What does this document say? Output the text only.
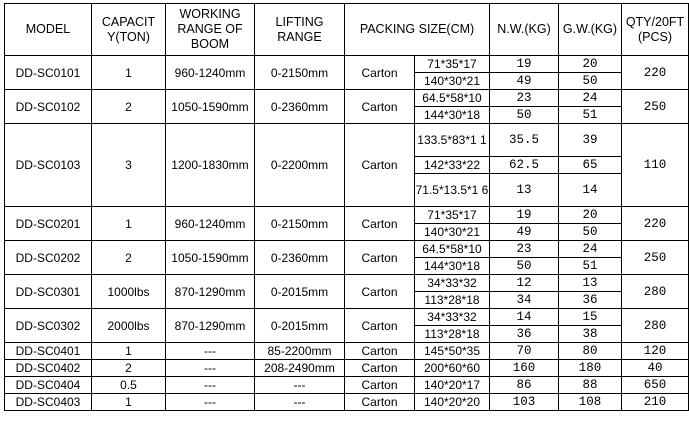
MODEL	CAPACIT Y(TON)	WORKING RANGE OF BOOM	LIFTING RANGE	PACKING SIZE(CM)		N.W.(KG)	G.W.(KG)	QTY/20FT (PCS)
DD-SC0101	1	960-1240mm	0-2150mm	Carton	71*35*17	19	20	220
					140*30*21	49	50	
DD-SC0102	2	1050-1590mm	0-2360mm	Carton	64.5*58*10	23	24	250
					144*30*18	50	51	
DD-SC0103	3	1200-1830mm	0-2200mm	Carton	133.5*83*1 1	35.5	39	110
					142*33*22	62.5	65	
					71.5*13.5*1 6	13	14	
DD-SC0201	1	960-1240mm	0-2150mm	Carton	71*35*17	19	20	220
					140*30*21	49	50	
DD-SC0202	2	1050-1590mm	0-2360mm	Carton	64.5*58*10	23	24	250
					144*30*18	50	51	
DD-SC0301	1000lbs	870-1290mm	0-2015mm	Carton	34*33*32	12	13	280
					113*28*18	34	36	
DD-SC0302	2000lbs	870-1290mm	0-2015mm	Carton	34*33*32	14	15	280
					113*28*18	36	38	
DD-SC0401	1	---	85-2200mm	Carton	145*50*35	70	80	120
DD-SC0402	2	---	208-2490mm	Carton	200*60*60	160	180	40
DD-SC0404	0.5	---	---	Carton	140*20*17	86	88	650
DD-SC0403	1	---	---	Carton	140*20*20	103	108	210
